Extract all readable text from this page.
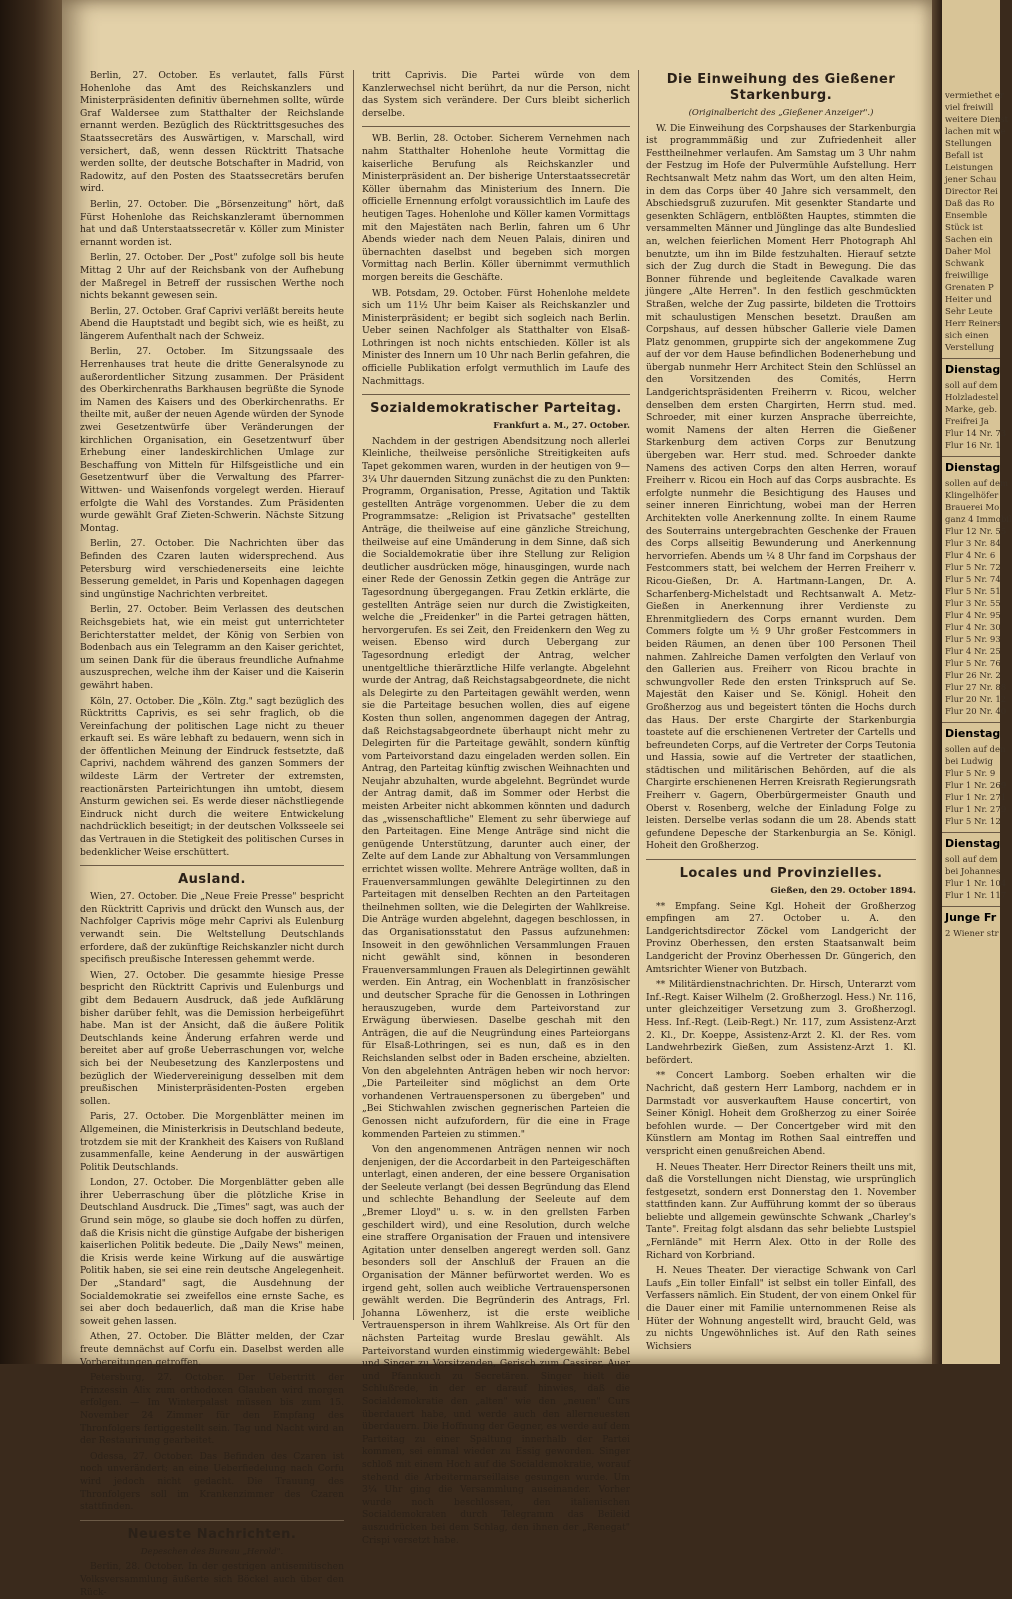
Berlin, 27. October. Es verlautet, falls Fürst Hohenlohe das Amt des Reichskanzlers und Ministerpräsidenten definitiv übernehmen sollte, würde Graf Waldersee zum Statthalter der Reichslande ernannt werden. Bezüglich des Rücktrittsgesuches des Staatssecretärs des Auswärtigen, v. Marschall, wird versichert, daß, wenn dessen Rücktritt Thatsache werden sollte, der deutsche Botschafter in Madrid, von Radowitz, auf den Posten des Staatssecretärs berufen wird.

Berlin, 27. October. Die „Börsenzeitung" hört, daß Fürst Hohenlohe das Reichskanzleramt übernommen hat und daß Unterstaatssecretär v. Köller zum Minister ernannt worden ist.

Berlin, 27. October. Der „Post" zufolge soll bis heute Mittag 2 Uhr auf der Reichsbank von der Aufhebung der Maßregel in Betreff der russischen Werthe noch nichts bekannt gewesen sein.

Berlin, 27. October. Graf Caprivi verläßt bereits heute Abend die Hauptstadt und begibt sich, wie es heißt, zu längerem Aufenthalt nach der Schweiz.

Berlin, 27. October. Im Sitzungssaale des Herrenhauses trat heute die dritte Generalsynode zu außerordentlicher Sitzung zusammen. Der Präsident des Oberkirchenraths Barkhausen begrüßte die Synode im Namen des Kaisers und des Oberkirchenraths. Er theilte mit, außer der neuen Agende würden der Synode zwei Gesetzentwürfe über Veränderungen der kirchlichen Organisation, ein Gesetzentwurf über Erhebung einer landeskirchlichen Umlage zur Beschaffung von Mitteln für Hilfsgeistliche und ein Gesetzentwurf über die Verwaltung des Pfarrer-Wittwen- und Waisenfonds vorgelegt werden. Hierauf erfolgte die Wahl des Vorstandes. Zum Präsidenten wurde gewählt Graf Zieten-Schwerin. Nächste Sitzung Montag.

Berlin, 27. October. Die Nachrichten über das Befinden des Czaren lauten widersprechend. Aus Petersburg wird verschiedenerseits eine leichte Besserung gemeldet, in Paris und Kopenhagen dagegen sind ungünstige Nachrichten verbreitet.

Berlin, 27. October. Beim Verlassen des deutschen Reichsgebiets hat, wie ein meist gut unterrichteter Berichterstatter meldet, der König von Serbien von Bodenbach aus ein Telegramm an den Kaiser gerichtet, um seinen Dank für die überaus freundliche Aufnahme auszusprechen, welche ihm der Kaiser und die Kaiserin gewährt haben.

Köln, 27. October. Die „Köln. Ztg." sagt bezüglich des Rücktritts Caprivis, es sei sehr fraglich, ob die Vereinfachung der politischen Lage nicht zu theuer erkauft sei. Es wäre lebhaft zu bedauern, wenn sich in der öffentlichen Meinung der Eindruck festsetzte, daß Caprivi, nachdem während des ganzen Sommers der wildeste Lärm der Vertreter der extremsten, reactionärsten Parteirichtungen ihn umtobt, diesem Ansturm gewichen sei. Es werde dieser nächstliegende Eindruck nicht durch die weitere Entwickelung nachdrücklich beseitigt; in der deutschen Volksseele sei das Vertrauen in die Stetigkeit des politischen Curses in bedenklicher Weise erschüttert.

Ausland.

Wien, 27. October. Die „Neue Freie Presse" bespricht den Rücktritt Caprivis und drückt den Wunsch aus, der Nachfolger Caprivis möge mehr Caprivi als Eulenburg verwandt sein. Die Weltstellung Deutschlands erfordere, daß der zukünftige Reichskanzler nicht durch specifisch preußische Interessen gehemmt werde.

Wien, 27. October. Die gesammte hiesige Presse bespricht den Rücktritt Caprivis und Eulenburgs und gibt dem Bedauern Ausdruck, daß jede Aufklärung bisher darüber fehlt, was die Demission herbeigeführt habe. Man ist der Ansicht, daß die äußere Politik Deutschlands keine Änderung erfahren werde und bereitet aber auf große Ueberraschungen vor, welche sich bei der Neubesetzung des Kanzlerpostens und bezüglich der Wiedervereinigung desselben mit dem preußischen Ministerpräsidenten-Posten ergeben sollen.

Paris, 27. October. Die Morgenblätter meinen im Allgemeinen, die Ministerkrisis in Deutschland bedeute, trotzdem sie mit der Krankheit des Kaisers von Rußland zusammenfalle, keine Aenderung in der auswärtigen Politik Deutschlands.

London, 27. October. Die Morgenblätter geben alle ihrer Ueberraschung über die plötzliche Krise in Deutschland Ausdruck. Die „Times" sagt, was auch der Grund sein möge, so glaube sie doch hoffen zu dürfen, daß die Krisis nicht die günstige Aufgabe der bisherigen kaiserlichen Politik bedeute. Die „Daily News" meinen, die Krisis werde keine Wirkung auf die auswärtige Politik haben, sie sei eine rein deutsche Angelegenheit. Der „Standard" sagt, die Ausdehnung der Socialdemokratie sei zweifellos eine ernste Sache, es sei aber doch bedauerlich, daß man die Krise habe soweit gehen lassen.

Athen, 27. October. Die Blätter melden, der Czar freute demnächst auf Corfu ein. Daselbst werden alle Vorbereitungen getroffen.

Petersburg, 27. October. Der Uebertritt der Prinzessin Alix zum orthodoxen Glauben wird morgen erfolgen. — Im Winterpalast müssen bis zum 15. November 24 Zimmer für den Empfang des Thronfolgers fertiggestellt sein. Tag und Nacht wird an der Restaurirung gearbeitet.

Odessa, 27. October. Das Befinden des Czaren ist noch unverändert; an eine Ueberfiedelung nach Corfu wird jedoch nicht gedacht. Die Trauung des Thronfolgers soll im Krankenzimmer des Czaren stattfinden.

Neueste Nachrichten.
Depeschen des Bureau „Herold".

Berlin, 28. October. In der gestrigen antisemitischen Volksversammlung äußerte sich Böckel auch über den Rück-

tritt Caprivis. Die Partei würde von dem Kanzlerwechsel nicht berührt, da nur die Person, nicht das System sich verändere. Der Curs bleibt sicherlich derselbe.

WB. Berlin, 28. October. Sicherem Vernehmen nach nahm Statthalter Hohenlohe heute Vormittag die kaiserliche Berufung als Reichskanzler und Ministerpräsident an. Der bisherige Unterstaatssecretär Köller übernahm das Ministerium des Innern. Die officielle Ernennung erfolgt voraussichtlich im Laufe des heutigen Tages. Hohenlohe und Köller kamen Vormittags mit den Majestäten nach Berlin, fahren um 6 Uhr Abends wieder nach dem Neuen Palais, diniren und übernachten daselbst und begeben sich morgen Vormittag nach Berlin. Köller übernimmt vermuthlich morgen bereits die Geschäfte.

WB. Potsdam, 29. October. Fürst Hohenlohe meldete sich um 11½ Uhr beim Kaiser als Reichskanzler und Ministerpräsident; er begibt sich sogleich nach Berlin. Ueber seinen Nachfolger als Statthalter von Elsaß-Lothringen ist noch nichts entschieden. Köller ist als Minister des Innern um 10 Uhr nach Berlin gefahren, die officielle Publikation erfolgt vermuthlich im Laufe des Nachmittags.

Sozialdemokratischer Parteitag.
Frankfurt a. M., 27. October.

Nachdem in der gestrigen Abendsitzung noch allerlei Kleinliche, theilweise persönliche Streitigkeiten aufs Tapet gekommen waren, wurden in der heutigen von 9—3¼ Uhr dauernden Sitzung zunächst die zu den Punkten: Programm, Organisation, Presse, Agitation und Taktik gestellten Anträge vorgenommen. Ueber die zu dem Programmsatze: „Religion ist Privatsache" gestellten Anträge, die theilweise auf eine gänzliche Streichung, theilweise auf eine Umänderung in dem Sinne, daß sich die Socialdemokratie über ihre Stellung zur Religion deutlicher ausdrücken möge, hinausgingen, wurde nach einer Rede der Genossin Zetkin gegen die Anträge zur Tagesordnung übergegangen. Frau Zetkin erklärte, die gestellten Anträge seien nur durch die Zwistigkeiten, welche die „Freidenker" in die Partei getragen hätten, hervorgerufen. Es sei Zeit, den Freidenkern den Weg zu weisen. Ebenso wird durch Uebergang zur Tagesordnung erledigt der Antrag, welcher unentgeltliche thierärztliche Hilfe verlangte. Abgelehnt wurde der Antrag, daß Reichstagsabgeordnete, die nicht als Delegirte zu den Parteitagen gewählt werden, wenn sie die Parteitage besuchen wollen, dies auf eigene Kosten thun sollen, angenommen dagegen der Antrag, daß Reichstagsabgeordnete überhaupt nicht mehr zu Delegirten für die Parteitage gewählt, sondern künftig vom Parteivorstand dazu eingeladen werden sollen. Ein Antrag, den Parteitag künftig zwischen Weihnachten und Neujahr abzuhalten, wurde abgelehnt. Begründet wurde der Antrag damit, daß im Sommer oder Herbst die meisten Arbeiter nicht abkommen könnten und dadurch das „wissenschaftliche" Element zu sehr überwiege auf den Parteitagen. Eine Menge Anträge sind nicht die genügende Unterstützung, darunter auch einer, der Zelte auf dem Lande zur Abhaltung von Versammlungen errichtet wissen wollte. Mehrere Anträge wollten, daß in Frauenversammlungen gewählte Delegirtinnen zu den Parteitagen mit denselben Rechten an den Parteitagen theilnehmen sollten, wie die Delegirten der Wahlkreise. Die Anträge wurden abgelehnt, dagegen beschlossen, in das Organisationsstatut den Passus aufzunehmen: Insoweit in den gewöhnlichen Versammlungen Frauen nicht gewählt sind, können in besonderen Frauenversammlungen Frauen als Delegirtinnen gewählt werden. Ein Antrag, ein Wochenblatt in französischer und deutscher Sprache für die Genossen in Lothringen herauszugeben, wurde dem Parteivorstand zur Erwägung überwiesen. Daselbe geschah mit den Anträgen, die auf die Neugründung eines Parteiorgans für Elsaß-Lothringen, sei es nun, daß es in den Reichslanden selbst oder in Baden erscheine, abzielten. Von den abgelehnten Anträgen heben wir noch hervor: „Die Parteileiter sind möglichst an dem Orte vorhandenen Vertrauenspersonen zu übergeben" und „Bei Stichwahlen zwischen gegnerischen Parteien die Genossen nicht aufzufordern, für die eine in Frage kommenden Parteien zu stimmen."

Von den angenommenen Anträgen nennen wir noch denjenigen, der die Accordarbeit in den Parteigeschäften unterlagt, einen anderen, der eine bessere Organisation der Seeleute verlangt (bei dessen Begründung das Elend und schlechte Behandlung der Seeleute auf dem „Bremer Lloyd" u. s. w. in den grellsten Farben geschildert wird), und eine Resolution, durch welche eine straffere Organisation der Frauen und intensivere Agitation unter denselben angeregt werden soll. Ganz besonders soll der Anschluß der Frauen an die Organisation der Männer befürwortet werden. Wo es irgend geht, sollen auch weibliche Vertrauenspersonen gewählt werden. Die Begründerin des Antrags, Frl. Johanna Löwenherz, ist die erste weibliche Vertrauensperson in ihrem Wahlkreise. Als Ort für den nächsten Parteitag wurde Breslau gewählt. Als Parteivorstand wurden einstimmig wiedergewählt: Bebel und Singer zu Vorsitzenden, Gerisch zum Cassirer, Auer und Pfannkuch zu Secretären. Singer hielt die Schlußrede, in der er darauf hinwies, daß die Socialdemokratie den „alten" wie den „neuen" Curs überdauert habe, und werde auch den allerneuesten überdauern. Die Hoffnung der Gegner, es werde auf dem Parteitag zu einer Spaltung innerhalb der Partei kommen, sei einmal wieder zu Essig geworden. Singer schloß mit einem Hoch auf die Socialdemokratie, worauf stehend die Arbeitermarseillaise gesungen wurde. Um 3¼ Uhr ging die Versammlung auseinander. Vorher wurde noch beschlossen, den italienischen Socialdemokraten durch Telegramm das Beileid auszudrücken bei dem Schlag, den ihnen der „Renegat" Crispi versetzt habe.

Die Einweihung des Gießener Starkenburg.
(Originalbericht des „Gießener Anzeiger".)

W. Die Einweihung des Corpshauses der Starkenburgia ist programmmäßig und zur Zufriedenheit aller Festtheilnehmer verlaufen. Am Samstag um 3 Uhr nahm der Festzug im Hofe der Pulvermühle Aufstellung. Herr Rechtsanwalt Metz nahm das Wort, um den alten Heim, in dem das Corps über 40 Jahre sich versammelt, den Abschiedsgruß zuzurufen. Mit gesenkter Standarte und gesenkten Schlägern, entblößten Hauptes, stimmten die versammelten Männer und Jünglinge das alte Bundeslied an, welchen feierlichen Moment Herr Photograph Ahl benutzte, um ihn im Bilde festzuhalten. Hierauf setzte sich der Zug durch die Stadt in Bewegung. Die das Bonner führende und begleitende Cavalkade waren jüngere „Alte Herren". In den festlich geschmückten Straßen, welche der Zug passirte, bildeten die Trottoirs mit schaulustigen Menschen besetzt. Draußen am Corpshaus, auf dessen hübscher Gallerie viele Damen Platz genommen, gruppirte sich der angekommene Zug auf der vor dem Hause befindlichen Bodenerhebung und übergab nunmehr Herr Architect Stein den Schlüssel an den Vorsitzenden des Comités, Herrn Landgerichtspräsidenten Freiherrn v. Ricou, welcher denselben dem ersten Chargirten, Herrn stud. med. Schroeder, mit einer kurzen Ansprache überreichte, womit Namens der alten Herren die Gießener Starkenburg dem activen Corps zur Benutzung übergeben war. Herr stud. med. Schroeder dankte Namens des activen Corps den alten Herren, worauf Freiherr v. Ricou ein Hoch auf das Corps ausbrachte. Es erfolgte nunmehr die Besichtigung des Hauses und seiner inneren Einrichtung, wobei man der Herren Architekten volle Anerkennung zollte. In einem Raume des Souterrains untergebrachten Geschenke der Frauen des Corps allseitig Bewunderung und Anerkennung hervorriefen. Abends um ¼ 8 Uhr fand im Corpshaus der Festcommers statt, bei welchem der Herren Freiherr v. Ricou-Gießen, Dr. A. Hartmann-Langen, Dr. A. Scharfenberg-Michelstadt und Rechtsanwalt A. Metz-Gießen in Anerkennung ihrer Verdienste zu Ehrenmitgliedern des Corps ernannt wurden. Dem Commers folgte um ½ 9 Uhr großer Festcommers in beiden Räumen, an denen über 100 Personen Theil nahmen. Zahlreiche Damen verfolgten den Verlauf von den Gallerien aus. Freiherr von Ricou brachte in schwungvoller Rede den ersten Trinkspruch auf Se. Majestät den Kaiser und Se. Königl. Hoheit den Großherzog aus und begeistert tönten die Hochs durch das Haus. Der erste Chargirte der Starkenburgia toastete auf die erschienenen Vertreter der Cartells und befreundeten Corps, auf die Vertreter der Corps Teutonia und Hassia, sowie auf die Vertreter der staatlichen, städtischen und militärischen Behörden, auf die als Chargirte erschienenen Herren Kreisrath Regierungsrath Freiherr v. Gagern, Oberbürgermeister Gnauth und Oberst v. Rosenberg, welche der Einladung Folge zu leisten. Derselbe verlas sodann die um 28. Abends statt gefundene Depesche der Starkenburgia an Se. Königl. Hoheit den Großherzog.

Locales und Provinzielles.
Gießen, den 29. October 1894.

** Empfang. Seine Kgl. Hoheit der Großherzog empfingen am 27. October u. A. den Landgerichtsdirector Zöckel vom Landgericht der Provinz Oberhessen, den ersten Staatsanwalt beim Landgericht der Provinz Oberhessen Dr. Güngerich, den Amtsrichter Wiener von Butzbach.

** Militärdienstnachrichten. Dr. Hirsch, Unterarzt vom Inf.-Regt. Kaiser Wilhelm (2. Großherzogl. Hess.) Nr. 116, unter gleichzeitiger Versetzung zum 3. Großherzogl. Hess. Inf.-Regt. (Leib-Regt.) Nr. 117, zum Assistenz-Arzt 2. Kl., Dr. Koeppe, Assistenz-Arzt 2. Kl. der Res. vom Landwehrbezirk Gießen, zum Assistenz-Arzt 1. Kl. befördert.

** Concert Lamborg. Soeben erhalten wir die Nachricht, daß gestern Herr Lamborg, nachdem er in Darmstadt vor ausverkauftem Hause concertirt, von Seiner Königl. Hoheit dem Großherzog zu einer Soirée befohlen wurde. — Der Concertgeber wird mit den Künstlern am Montag im Rothen Saal eintreffen und verspricht einen genußreichen Abend.

H. Neues Theater. Herr Director Reiners theilt uns mit, daß die Vorstellungen nicht Dienstag, wie ursprünglich festgesetzt, sondern erst Donnerstag den 1. November stattfinden kann. Zur Aufführung kommt der so überaus beliebte und allgemein gewünschte Schwank „Charley's Tante". Freitag folgt alsdann das sehr beliebte Lustspiel „Fernlände" mit Herrn Alex. Otto in der Rolle des Richard von Korbriand.

H. Neues Theater. Der vieractige Schwank von Carl Laufs „Ein toller Einfall" ist selbst ein toller Einfall, des Verfassers nämlich. Ein Student, der von einem Onkel für die Dauer einer mit Familie unternommenen Reise als Hüter der Wohnung angestellt wird, braucht Geld, was zu nichts Ungewöhnliches ist. Auf den Rath seines Wichsiers

vermiethet er
viel freiwill
weitere Dienst
lachen mit we
Stellungen
Befall ist
Leistungen
jener Schau
Director Rei
Daß das Ro
Ensemble
Stück ist
Sachen ein
Daher Mol
Schwank
freiwillige
Grenaten P
Heiter und
Sehr Leute
Herr Reiners
sich einen
Verstellung
Dienstag
soll auf dem
Holzladestel
Marke, geb.
Freifrei Ja
Flur 14 Nr. 73
Flur 16 Nr. 1
Dienstag
sollen auf dem
Klingelhöfer
Brauerei Mo
ganz 4 Immobil
Flur 12 Nr. 55
Flur 3 Nr. 84
Flur 4 Nr. 6
Flur 5 Nr. 72
Flur 5 Nr. 74
Flur 5 Nr. 51
Flur 3 Nr. 55
Flur 4 Nr. 95
Flur 4 Nr. 30
Flur 5 Nr. 93
Flur 4 Nr. 25
Flur 5 Nr. 76
Flur 26 Nr. 2
Flur 27 Nr. 88
Flur 20 Nr. 12
Flur 20 Nr. 40
Dienstag
sollen auf den
bei Ludwig
Flur 5 Nr. 9
Flur 1 Nr. 269
Flur 1 Nr. 271
Flur 1 Nr. 279
Flur 5 Nr. 12
Dienstag
soll auf dem
bei Johannes
Flur 1 Nr. 104
Flur 1 Nr. 117
Junge Fr
2 Wiener str
